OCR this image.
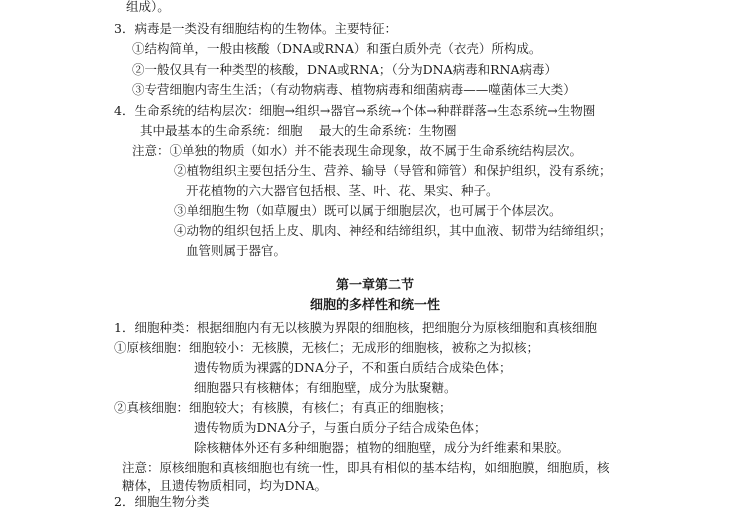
组成）。
3．病毒是一类没有细胞结构的生物体。主要特征：
①结构简单，一般由核酸（DNA或RNA）和蛋白质外壳（衣壳）所构成。
②一般仅具有一种类型的核酸，DNA或RNA；（分为DNA病毒和RNA病毒）
③专营细胞内寄生生活；（有动物病毒、植物病毒和细菌病毒——噬菌体三大类）
4．生命系统的结构层次：细胞→组织→器官→系统→个体→种群群落→生态系统→生物圈
其中最基本的生命系统：细胞　 最大的生命系统：生物圈
注意：①单独的物质（如水）并不能表现生命现象，故不属于生命系统结构层次。
②植物组织主要包括分生、营养、输导（导管和筛管）和保护组织，没有系统；
开花植物的六大器官包括根、茎、叶、花、果实、种子。
③单细胞生物（如草履虫）既可以属于细胞层次，也可属于个体层次。
④动物的组织包括上皮、肌肉、神经和结缔组织，其中血液、韧带为结缔组织；
血管则属于器官。
第一章第二节
细胞的多样性和统一性
1．细胞种类：根据细胞内有无以核膜为界限的细胞核，把细胞分为原核细胞和真核细胞
①原核细胞：细胞较小：无核膜，无核仁；无成形的细胞核，被称之为拟核；
遗传物质为裸露的DNA分子，不和蛋白质结合成染色体；
细胞器只有核糖体；有细胞壁，成分为肽聚糖。
②真核细胞：细胞较大；有核膜，有核仁；有真正的细胞核；
遗传物质为DNA分子，与蛋白质分子结合成染色体；
除核糖体外还有多种细胞器；植物的细胞壁，成分为纤维素和果胶。
注意：原核细胞和真核细胞也有统一性，即具有相似的基本结构，如细胞膜，细胞质，核
糖体，且遗传物质相同，均为DNA。
2．细胞生物分类
